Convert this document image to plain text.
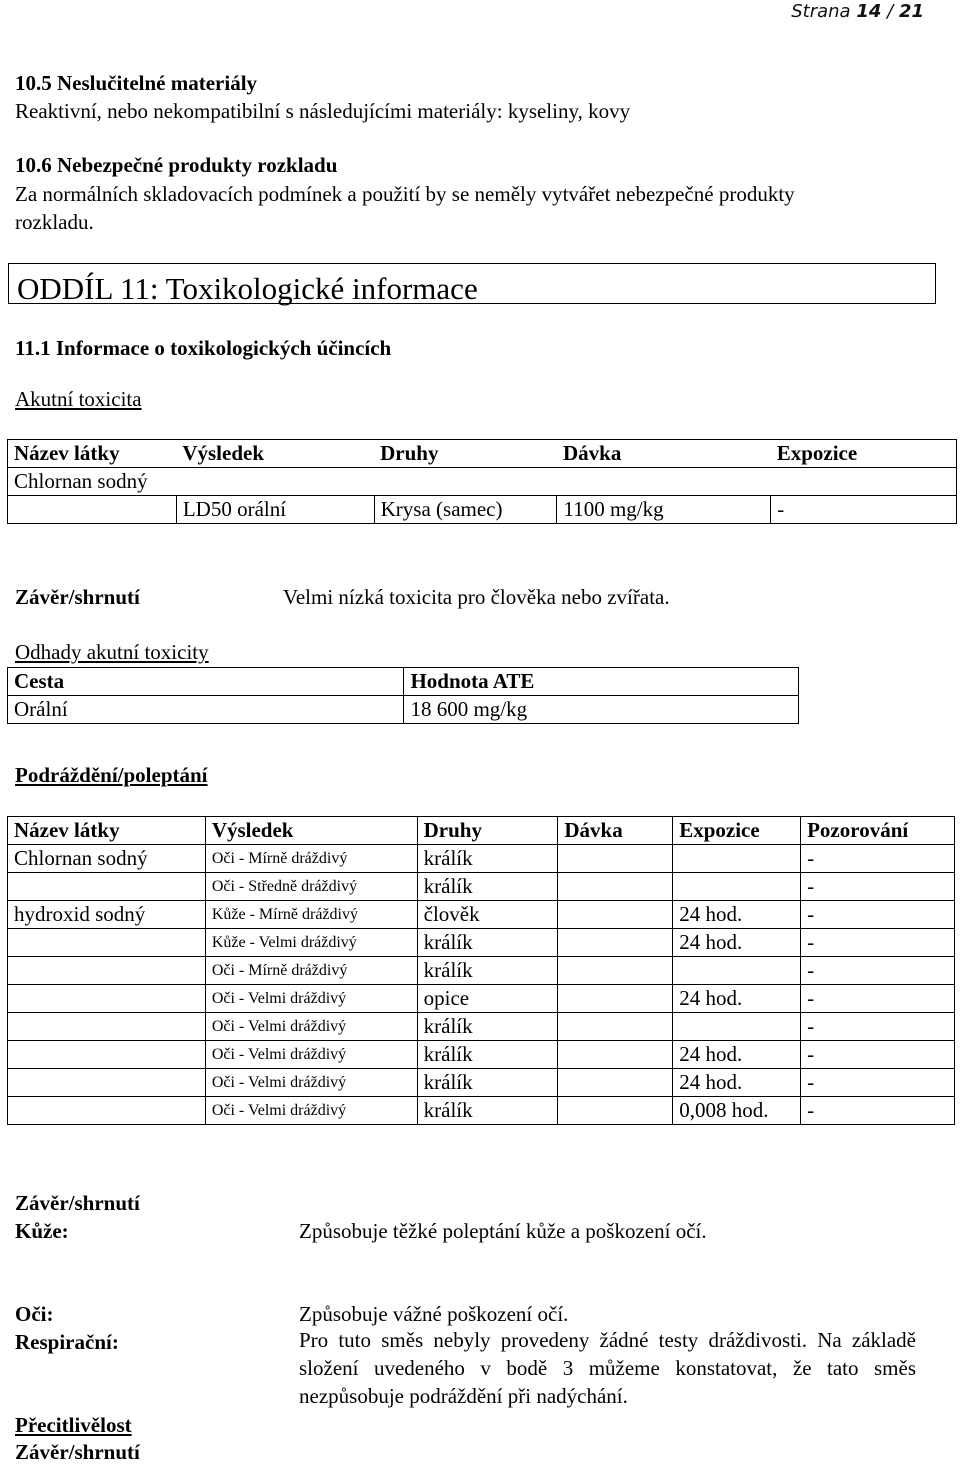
Strana 14 / 21
10.5 Neslučitelné materiály
Reaktivní, nebo nekompatibilní s následujícími materiály: kyseliny, kovy
10.6 Nebezpečné produkty rozkladu
Za normálních skladovacích podmínek a použití by se neměly vytvářet nebezpečné produkty
rozkladu.
ODDÍL 11: Toxikologické informace
11.1 Informace o toxikologických účincích
Akutní toxicita
Název látky	Výsledek	Druhy	Dávka	Expozice
Chlornan sodný				
	LD50 orální	Krysa (samec)	1100 mg/kg	-
Závěr/shrnutí	Velmi nízká toxicita pro člověka nebo zvířata.
Odhady akutní toxicity
Cesta	Hodnota ATE
Orální	18 600 mg/kg
Podráždění/poleptání
Název látky	Výsledek	Druhy	Dávka	Expozice	Pozorování
Chlornan sodný	Oči - Mírně dráždivý	králík			-
	Oči - Středně dráždivý	králík			-
hydroxid sodný	Kůže - Mírně dráždivý	člověk		24 hod.	-
	Kůže - Velmi dráždivý	králík		24 hod.	-
	Oči - Mírně dráždivý	králík			-
	Oči - Velmi dráždivý	opice		24 hod.	-
	Oči - Velmi dráždivý	králík			-
	Oči - Velmi dráždivý	králík		24 hod.	-
	Oči - Velmi dráždivý	králík		24 hod.	-
	Oči - Velmi dráždivý	králík		0,008 hod.	-
Závěr/shrnutí
Kůže:	Způsobuje těžké poleptání kůže a poškození očí.
Oči:	Způsobuje vážné poškození očí.
Respirační:	Pro tuto směs nebyly provedeny žádné testy dráždivosti. Na základě složení uvedeného v bodě 3 můžeme konstatovat, že tato směs nezpůsobuje podráždění při nadýchání.
Přecitlivělost
Závěr/shrnutí
